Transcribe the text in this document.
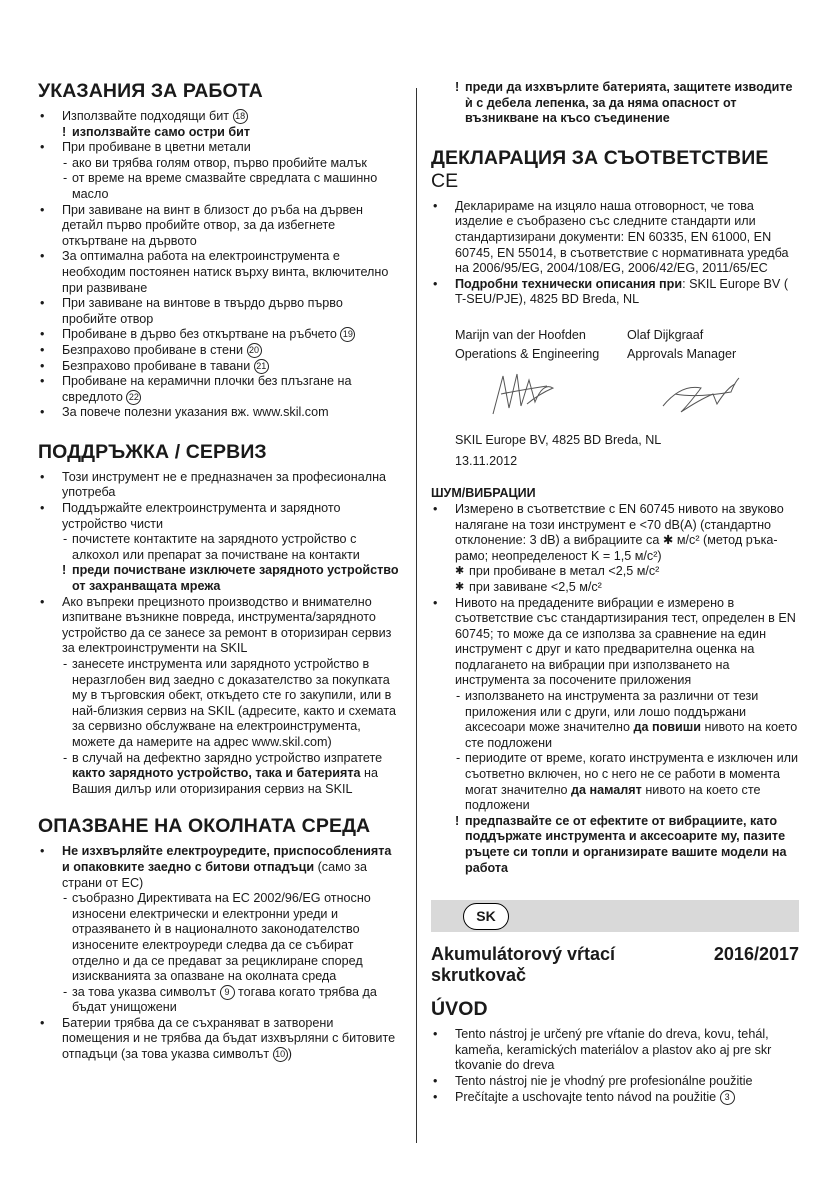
УКАЗАНИЯ ЗА РАБОТА

• Използвайте подходящи бит 18

! използвайте само остри бит

• При пробиване в цветни метали

- ако ви трябва голям отвор, първо пробийте малък

- от време на време смазвайте свредлата с машинно масло

• При завиване на винт в близост до ръба на дървен детайл първо пробийте отвор, за да избегнете откъртване на дървото

• За оптимална работа на електроинструмента е необходим постоянен натиск върху винта, включително при развиване

• При завиване на винтове в твърдо дърво първо пробийте отвор

• Пробиване в дърво без откъртване на ръбчето 19

• Безпрахово пробиване в стени 20

• Безпрахово пробиване в тавани 21

• Пробиване на керамични плочки без плъзгане на свредлото 22

• За повече полезни указания вж. www.skil.com

ПОДДРЪЖКА / СЕРВИЗ

• Този инструмент не е предназначен за професионална употреба

• Поддържайте електроинструмента и зарядното устройство чисти

- почистете контактите на зарядното устройство с алкохол или препарат за почистване на контакти

! преди почистване изключете зарядното устройство от захранващата мрежа

• Ако въпреки прецизното производство и внимателно изпитване възникне повреда, инструмента/зарядното устройство да се занесе за ремонт в оторизиран сервиз за електроинструменти на SKIL

- занесете инструмента или зарядното устройство в неразглобен вид заедно с доказателство за покупката му в търговския обект, откъдето сте го закупили, или в най-близкия сервиз на SKIL (адресите, както и схемата за сервизно обслужване на електроинструмента, можете да намерите на адрес www.skil.com)

- в случай на дефектно зарядно устройство изпратете както зарядното устройство, така и батерията на Вашия дилър или оторизирания сервиз на SKIL

ОПАЗВАНЕ НА ОКОЛНАТА СРЕДА

• Не изхвърляйте електроуредите, приспособленията и опаковките заедно с битови отпадъци (само за страни от ЕС)

- съобразно Директивата на ЕС 2002/96/EG относно износени електрически и електронни уреди и отразяването ѝ в националното законодателство износените електроуреди следва да се събират отделно и да се предават за рециклиране според изискванията за опазване на околната среда

- за това указва символът 9 тогава когато трябва да бъдат унищожени

• Батерии трябва да се съхраняват в затворени помещения и не трябва да бъдат изхвърляни с битовите отпадъци (за това указва символът 10 )

! преди да изхвърлите батерията, защитете изводите ѝ с дебела лепенка, за да няма опасност от възникване на късо съединение

ДЕКЛАРАЦИЯ ЗА СЪОТВЕТСТВИЕ CE

• Декларираме на изцяло наша отговорност, че това изделие е съобразено със следните стандарти или стандартизирани документи: EN 60335, EN 61000, EN 60745, EN 55014, в съответствие с нормативната уредба на 2006/95/EG, 2004/108/EG, 2006/42/EG, 2011/65/EC

• Подробни технически описания при: SKIL Europe BV ( T-SEU/PJE), 4825 BD Breda, NL

Marijn van der Hoofden
Operations & Engineering
Olaf Dijkgraaf
Approvals Manager

SKIL Europe BV, 4825 BD Breda, NL

13.11.2012

ШУМ/ВИБРАЦИИ

• Измерено в съответствие с EN 60745 нивото на звуково налягане на този инструмент е <70 dB(A) (стандартно отклонение: 3 dB) а вибрациите са ✱ м/с² (метод ръка-рамо; неопределеност K = 1,5 м/с²)

✱ при пробиване в метал <2,5 м/с²

✱ при завиване <2,5 м/с²

• Нивото на предадените вибрации е измерено в съответствие със стандартизирания тест, определен в EN 60745; то може да се използва за сравнение на един инструмент с друг и като предварителна оценка на подлагането на вибрации при използването на инструмента за посочените приложения

- използването на инструмента за различни от тези приложения или с други, или лошо поддържани аксесоари може значително да повиши нивото на което сте подложени

- периодите от време, когато инструмента е изключен или съответно включен, но с него не се работи в момента могат значително да намалят нивото на което сте подложени

! предпазвайте се от ефектите от вибрациите, като поддържате инструмента и аксесоарите му, пазите ръцете си топли и организирате вашите модели на работа

SK
Akumulátorový vŕtací skrutkovač
2016/2017
ÚVOD

• Tento nástroj je určený pre vŕtanie do dreva, kovu, tehál, kameňa, keramických materiálov a plastov ako aj pre skr tkovanie do dreva

• Tento nástroj nie je vhodný pre profesionálne použitie

• Prečítajte a uschovajte tento návod na použitie 3
